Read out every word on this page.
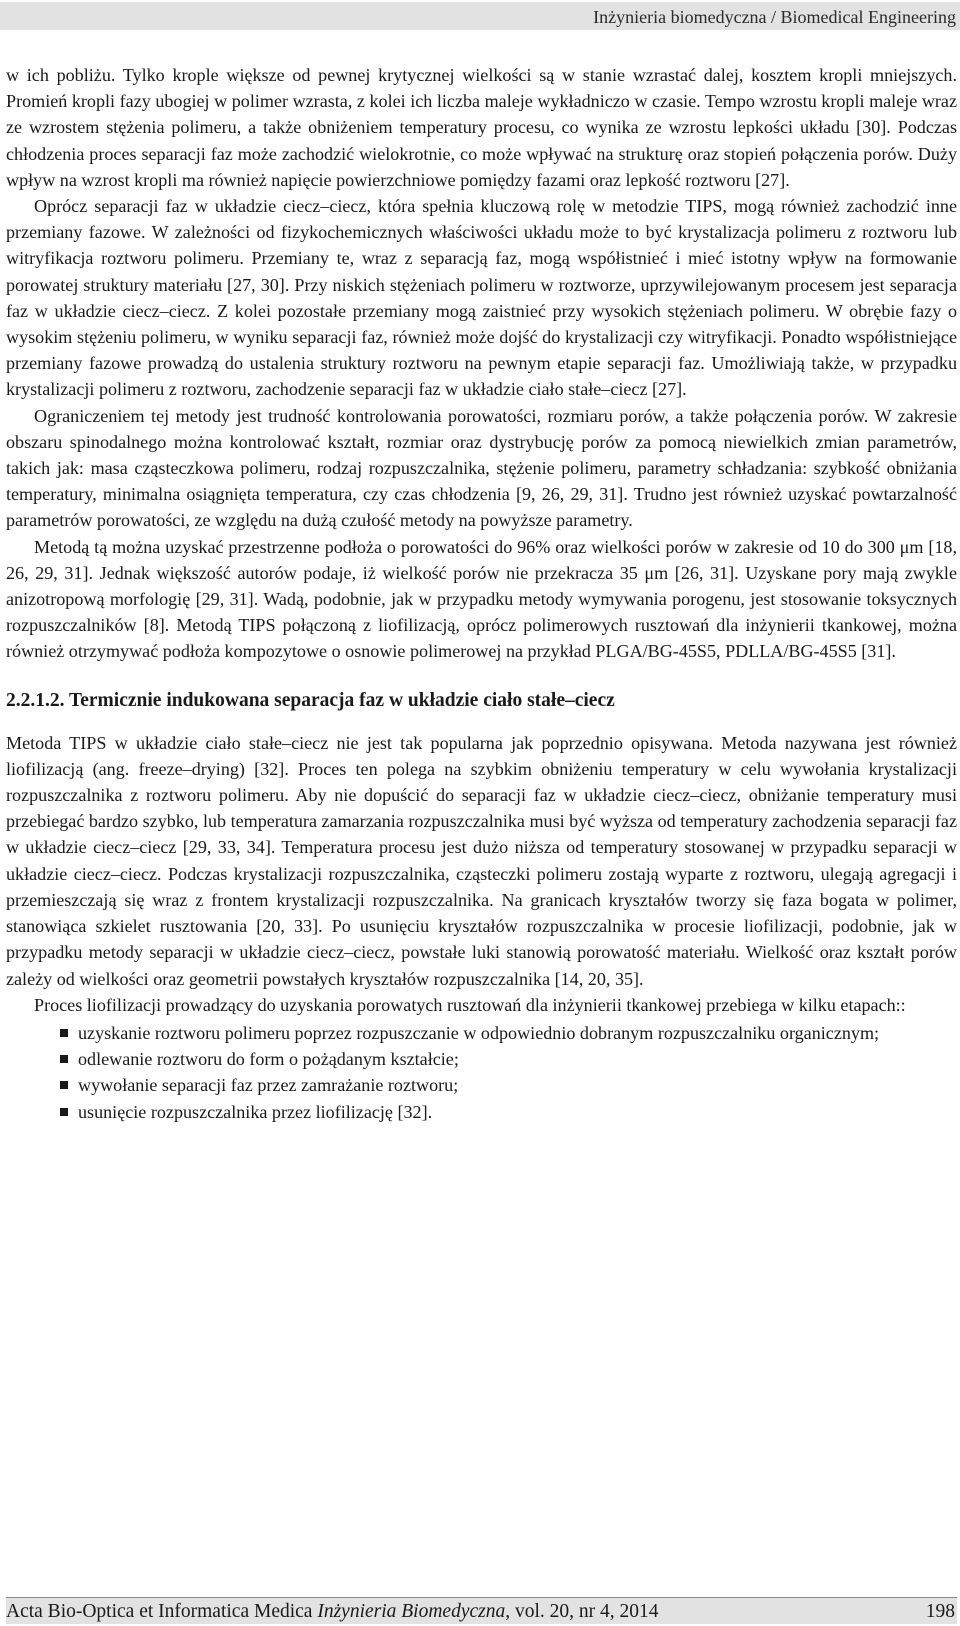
Inżynieria biomedyczna / Biomedical Engineering

w ich pobliżu. Tylko krople większe od pewnej krytycznej wielkości są w stanie wzrastać dalej, kosztem kropli mniejszych. Promień kropli fazy ubogiej w polimer wzrasta, z kolei ich liczba maleje wykładniczo w czasie. Tempo wzrostu kropli maleje wraz ze wzrostem stężenia polimeru, a także obniżeniem temperatury procesu, co wynika ze wzrostu lepkości układu [30]. Podczas chłodzenia proces separacji faz może zachodzić wielokrotnie, co może wpływać na strukturę oraz stopień połączenia porów. Duży wpływ na wzrost kropli ma również napięcie powierzchniowe pomiędzy fazami oraz lepkość roztworu [27].

Oprócz separacji faz w układzie ciecz–ciecz, która spełnia kluczową rolę w metodzie TIPS, mogą również zachodzić inne przemiany fazowe. W zależności od fizykochemicznych właściwości układu może to być krystalizacja polimeru z roztworu lub witryfikacja roztworu polimeru. Przemiany te, wraz z separacją faz, mogą współistnieć i mieć istotny wpływ na formowanie porowatej struktury materiału [27, 30]. Przy niskich stężeniach polimeru w roztworze, uprzywilejowanym procesem jest separacja faz w układzie ciecz–ciecz. Z kolei pozostałe przemiany mogą zaistnieć przy wysokich stężeniach polimeru. W obrębie fazy o wysokim stężeniu polimeru, w wyniku separacji faz, również może dojść do krystalizacji czy witryfikacji. Ponadto współistniejące przemiany fazowe prowadzą do ustalenia struktury roztworu na pewnym etapie separacji faz. Umożliwiają także, w przypadku krystalizacji polimeru z roztworu, zachodzenie separacji faz w układzie ciało stałe–ciecz [27].

Ograniczeniem tej metody jest trudność kontrolowania porowatości, rozmiaru porów, a także połączenia porów. W zakresie obszaru spinodalnego można kontrolować kształt, rozmiar oraz dystrybucję porów za pomocą niewielkich zmian parametrów, takich jak: masa cząsteczkowa polimeru, rodzaj rozpuszczalnika, stężenie polimeru, parametry schładzania: szybkość obniżania temperatury, minimalna osiągnięta temperatura, czy czas chłodzenia [9, 26, 29, 31]. Trudno jest również uzyskać powtarzalność parametrów porowatości, ze względu na dużą czułość metody na powyższe parametry.

Metodą tą można uzyskać przestrzenne podłoża o porowatości do 96% oraz wielkości porów w zakresie od 10 do 300 μm [18, 26, 29, 31]. Jednak większość autorów podaje, iż wielkość porów nie przekracza 35 μm [26, 31]. Uzyskane pory mają zwykle anizotropową morfologię [29, 31]. Wadą, podobnie, jak w przypadku metody wymywania porogenu, jest stosowanie toksycznych rozpuszczalników [8]. Metodą TIPS połączoną z liofilizacją, oprócz polimerowych rusztowań dla inżynierii tkankowej, można również otrzymywać podłoża kompozytowe o osnowie polimerowej na przykład PLGA/BG-45S5, PDLLA/BG-45S5 [31].

2.2.1.2. Termicznie indukowana separacja faz w układzie ciało stałe–ciecz

Metoda TIPS w układzie ciało stałe–ciecz nie jest tak popularna jak poprzednio opisywana. Metoda nazywana jest również liofilizacją (ang. freeze–drying) [32]. Proces ten polega na szybkim obniżeniu temperatury w celu wywołania krystalizacji rozpuszczalnika z roztworu polimeru. Aby nie dopuścić do separacji faz w układzie ciecz–ciecz, obniżanie temperatury musi przebiegać bardzo szybko, lub temperatura zamarzania rozpuszczalnika musi być wyższa od temperatury zachodzenia separacji faz w układzie ciecz–ciecz [29, 33, 34]. Temperatura procesu jest dużo niższa od temperatury stosowanej w przypadku separacji w układzie ciecz–ciecz. Podczas krystalizacji rozpuszczalnika, cząsteczki polimeru zostają wyparte z roztworu, ulegają agregacji i przemieszczają się wraz z frontem krystalizacji rozpuszczalnika. Na granicach kryształów tworzy się faza bogata w polimer, stanowiąca szkielet rusztowania [20, 33]. Po usunięciu kryształów rozpuszczalnika w procesie liofilizacji, podobnie, jak w przypadku metody separacji w układzie ciecz–ciecz, powstałe luki stanowią porowatość materiału. Wielkość oraz kształt porów zależy od wielkości oraz geometrii powstałych kryształów rozpuszczalnika [14, 20, 35].

Proces liofilizacji prowadzący do uzyskania porowatych rusztowań dla inżynierii tkankowej przebiega w kilku etapach::

uzyskanie roztworu polimeru poprzez rozpuszczanie w odpowiednio dobranym rozpuszczalniku organicznym;
odlewanie roztworu do form o pożądanym kształcie;
wywołanie separacji faz przez zamrażanie roztworu;
usunięcie rozpuszczalnika przez liofilizację [32].
Acta Bio-Optica et Informatica Medica Inżynieria Biomedyczna, vol. 20, nr 4, 2014	198
